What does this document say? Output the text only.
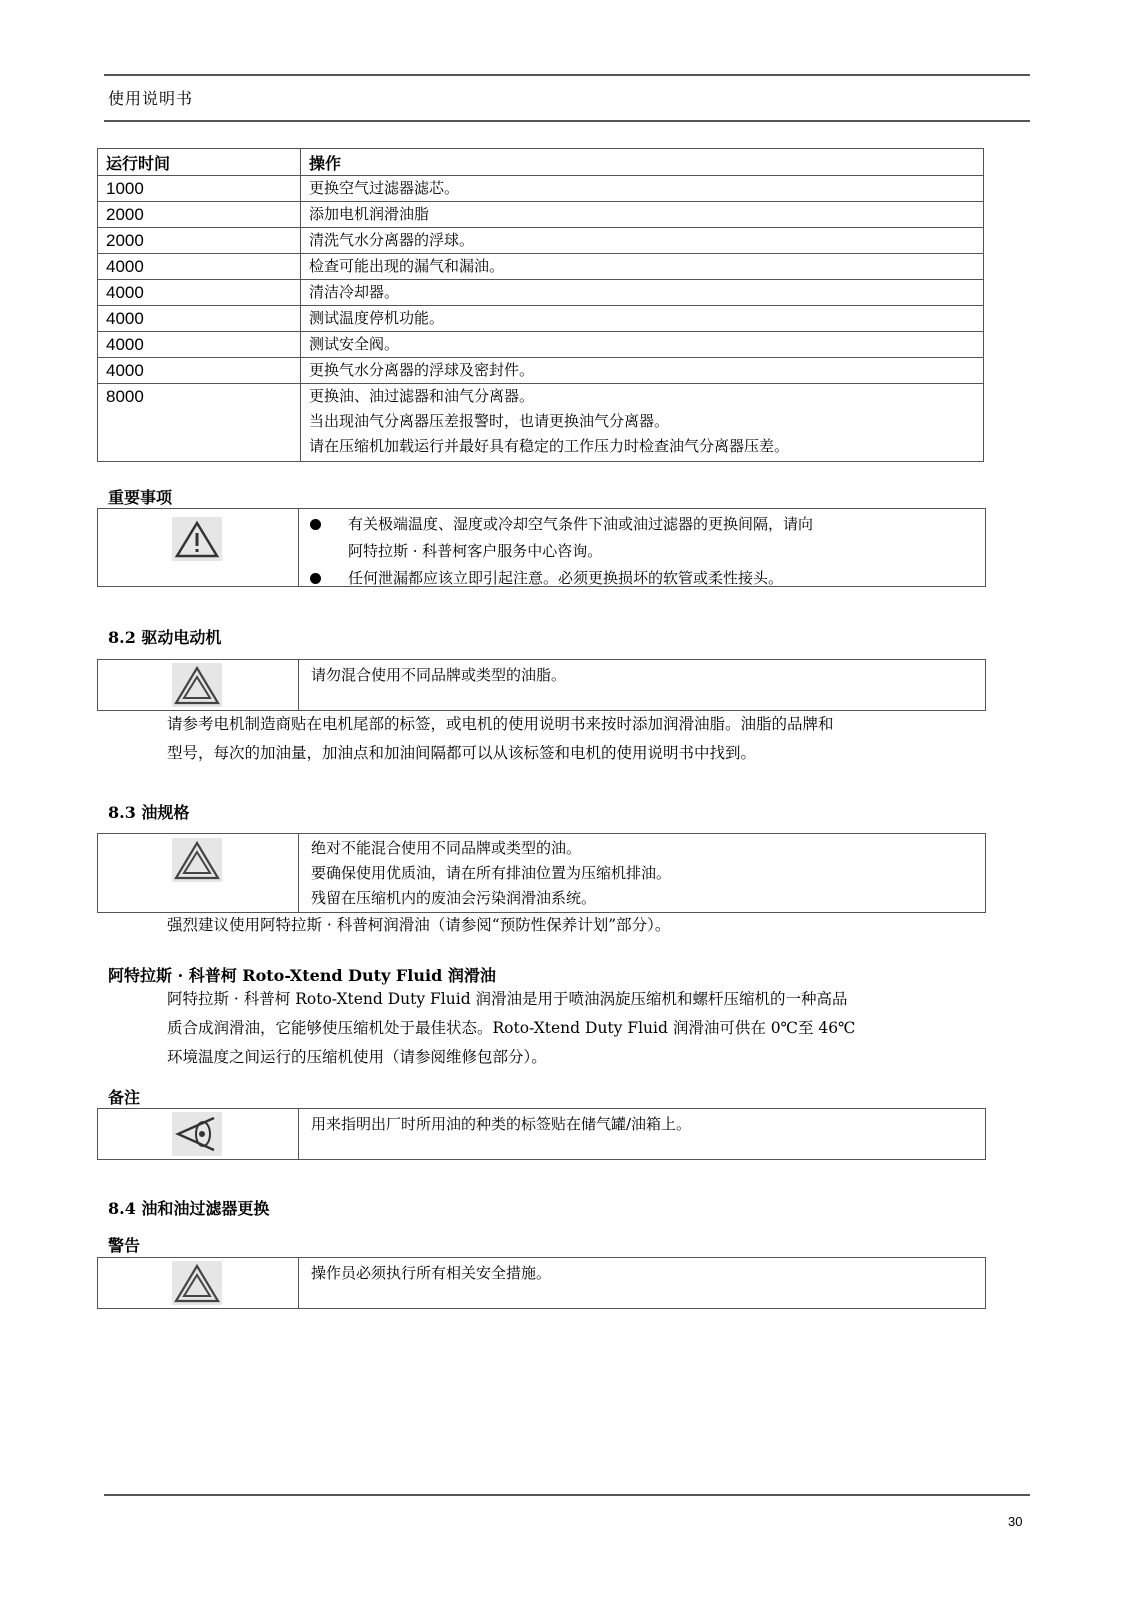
使用说明书
运行时间	操作
1000	更换空气过滤器滤芯。
2000	添加电机润滑油脂
2000	清洗气水分离器的浮球。
4000	检查可能出现的漏气和漏油。
4000	清洁冷却器。
4000	测试温度停机功能。
4000	测试安全阀。
4000	更换气水分离器的浮球及密封件。
8000	更换油、油过滤器和油气分离器。
当出现油气分离器压差报警时，也请更换油气分离器。
请在压缩机加载运行并最好具有稳定的工作压力时检查油气分离器压差。
重要事项
有关极端温度、湿度或冷却空气条件下油或油过滤器的更换间隔，请向
阿特拉斯 · 科普柯客户服务中心咨询。
任何泄漏都应该立即引起注意。必须更换损坏的软管或柔性接头。
8.2 驱动电动机
请勿混合使用不同品牌或类型的油脂。
请参考电机制造商贴在电机尾部的标签，或电机的使用说明书来按时添加润滑油脂。油脂的品牌和
型号，每次的加油量，加油点和加油间隔都可以从该标签和电机的使用说明书中找到。
8.3 油规格
绝对不能混合使用不同品牌或类型的油。
要确保使用优质油，请在所有排油位置为压缩机排油。
残留在压缩机内的废油会污染润滑油系统。
强烈建议使用阿特拉斯 · 科普柯润滑油（请参阅“预防性保养计划”部分）。
阿特拉斯 · 科普柯 Roto-Xtend Duty Fluid 润滑油
阿特拉斯 · 科普柯 Roto-Xtend Duty Fluid 润滑油是用于喷油涡旋压缩机和螺杆压缩机的一种高品
质合成润滑油，它能够使压缩机处于最佳状态。Roto-Xtend Duty Fluid 润滑油可供在 0℃至 46℃
环境温度之间运行的压缩机使用（请参阅维修包部分）。
备注
用来指明出厂时所用油的种类的标签贴在储气罐/油箱上。
8.4 油和油过滤器更换
警告
操作员必须执行所有相关安全措施。
30
